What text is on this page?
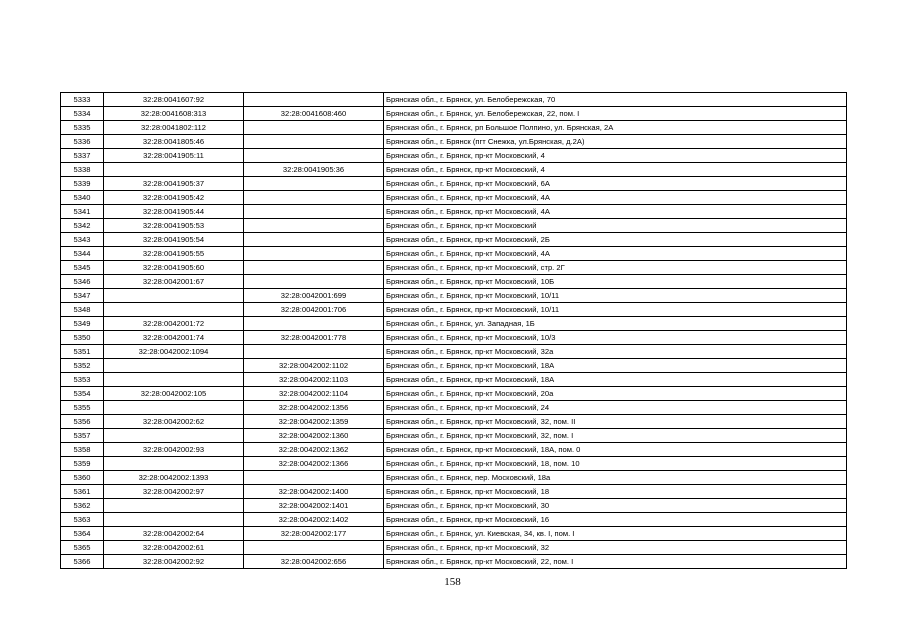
5333	32:28:0041607:92		Брянская обл., г. Брянск, ул. Белобережская, 70
5334	32:28:0041608:313	32:28:0041608:460	Брянская обл., г. Брянск, ул. Белобережская, 22, пом. I
5335	32:28:0041802:112		Брянская обл., г. Брянск, рп Большое Полпино, ул. Брянская, 2А
5336	32:28:0041805:46		Брянская обл., г. Брянск (пгт Снежка, ул.Брянская, д.2А)
5337	32:28:0041905:11		Брянская обл., г. Брянск, пр-кт Московский, 4
5338		32:28:0041905:36	Брянская обл., г. Брянск, пр-кт Московский, 4
5339	32:28:0041905:37		Брянская обл., г. Брянск, пр-кт Московский, 6А
5340	32:28:0041905:42		Брянская обл., г. Брянск, пр-кт Московский, 4А
5341	32:28:0041905:44		Брянская обл., г. Брянск, пр-кт Московский, 4А
5342	32:28:0041905:53		Брянская обл., г. Брянск, пр-кт Московский
5343	32:28:0041905:54		Брянская обл., г. Брянск, пр-кт Московский, 2Б
5344	32:28:0041905:55		Брянская обл., г. Брянск, пр-кт Московский, 4А
5345	32:28:0041905:60		Брянская обл., г. Брянск, пр-кт Московский, стр. 2Г
5346	32:28:0042001:67		Брянская обл., г. Брянск, пр-кт Московский, 10Б
5347		32:28:0042001:699	Брянская обл., г. Брянск, пр-кт Московский, 10/11
5348		32:28:0042001:706	Брянская обл., г. Брянск, пр-кт Московский, 10/11
5349	32:28:0042001:72		Брянская обл., г. Брянск, ул. Западная, 1Б
5350	32:28:0042001:74	32:28:0042001:778	Брянская обл., г. Брянск, пр-кт Московский, 10/3
5351	32:28:0042002:1094		Брянская обл., г. Брянск, пр-кт Московский, 32а
5352		32:28:0042002:1102	Брянская обл., г. Брянск, пр-кт Московский, 18А
5353		32:28:0042002:1103	Брянская обл., г. Брянск, пр-кт Московский, 18А
5354	32:28:0042002:105	32:28:0042002:1104	Брянская обл., г. Брянск, пр-кт Московский, 20а
5355		32:28:0042002:1356	Брянская обл., г. Брянск, пр-кт Московский, 24
5356	32:28:0042002:62	32:28:0042002:1359	Брянская обл., г. Брянск, пр-кт Московский, 32, пом. II
5357		32:28:0042002:1360	Брянская обл., г. Брянск, пр-кт Московский, 32, пом. I
5358	32:28:0042002:93	32:28:0042002:1362	Брянская обл., г. Брянск, пр-кт Московский, 18А, пом. 0
5359		32:28:0042002:1366	Брянская обл., г. Брянск, пр-кт Московский, 18, пом. 10
5360	32:28:0042002:1393		Брянская обл., г. Брянск, пер. Московский, 18а
5361	32:28:0042002:97	32:28:0042002:1400	Брянская обл., г. Брянск, пр-кт Московский, 18
5362		32:28:0042002:1401	Брянская обл., г. Брянск, пр-кт Московский, 30
5363		32:28:0042002:1402	Брянская обл., г. Брянск, пр-кт Московский, 16
5364	32:28:0042002:64	32:28:0042002:177	Брянская обл., г. Брянск, ул. Киевская, 34, кв. I, пом. I
5365	32:28:0042002:61		Брянская обл., г. Брянск, пр-кт Московский, 32
5366	32:28:0042002:92	32:28:0042002:656	Брянская обл., г. Брянск, пр-кт Московский, 22, пом. I
158
